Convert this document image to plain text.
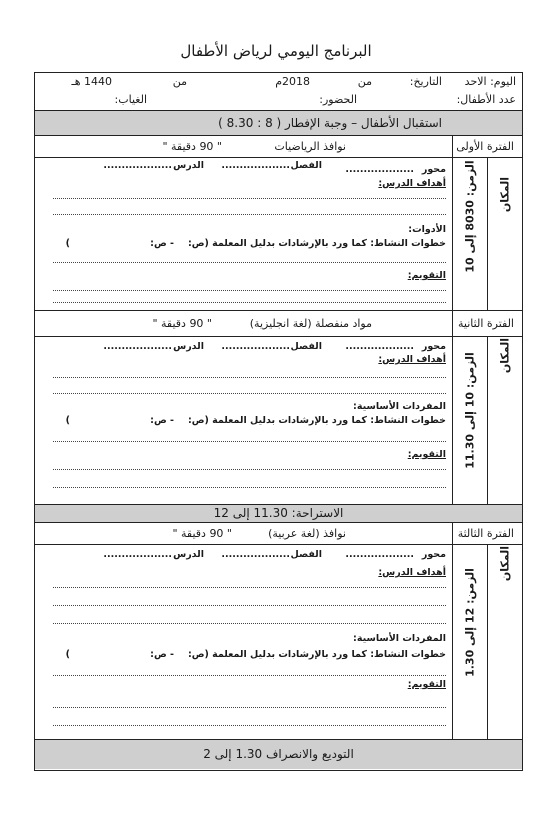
البرنامج اليومي لرياض الأطفال
اليوم: الاحد
التاريخ:
من
2018م
من
1440 هـ
عدد الأطفال:
الحضور:
الغياب:
استقبال الأطفال – وجبة الإفطار ( 8 : 8.30 )
الفترة الأولى
نوافذ الرياضيات
" 90 دقيقة "
المكان
الزمن: 8030 إلى 10
محور
...................
الفصل
...................
الدرس
...................
أهداف الدرس:
الأدوات:
خطوات النشاط: كما ورد بالإرشادات بدليل المعلمة (ص:
- ص:
)
التقويم:
الفترة الثانية
مواد منفصلة (لغة انجليزية)
" 90 دقيقة "
المكان
الزمن: 10 إلى 11.30
محور
...................
الفصل
...................
الدرس
...................
أهداف الدرس:
المفردات الأساسية:
خطوات النشاط: كما ورد بالإرشادات بدليل المعلمة (ص:
- ص:
)
التقويم:
الاستراحة: 11.30 إلى 12
الفترة الثالثة
نوافذ (لغة عربية)
" 90 دقيقة "
المكان
الزمن: 12 إلى 1.30
محور
...................
الفصل
...................
الدرس
...................
أهداف الدرس:
المفردات الأساسية:
خطوات النشاط: كما ورد بالإرشادات بدليل المعلمة (ص:
- ص:
)
التقويم:
التوديع والانصراف 1.30 إلى 2
